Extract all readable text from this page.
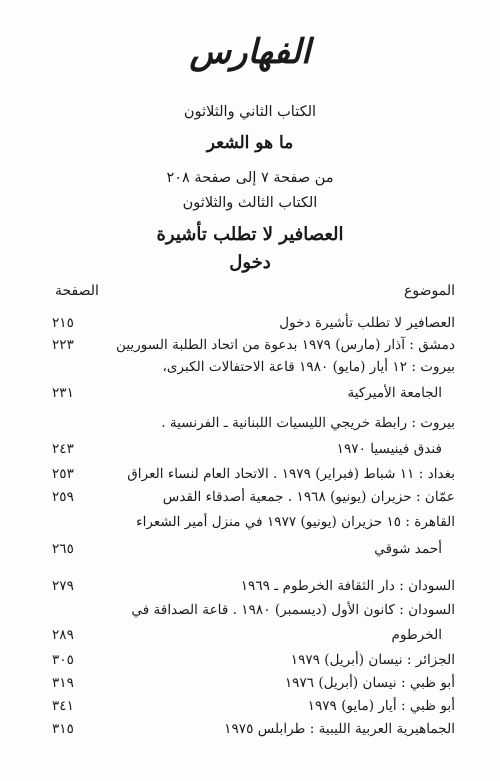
الفهارس
الكتاب الثاني والثلاثون
ما هو الشعر
من صفحة ٧ إلى صفحة ٢٠٨
الكتاب الثالث والثلاثون
العصافير لا تطلب تأشيرة
دخول
الموضوع
الصفحة
العصافير لا تطلب تأشيرة دخول
٢١٥
دمشق : آذار (مارس) ١٩٧٩ بدعوة من اتحاد الطلبة السوريين
٢٢٣
بيروت : ١٢ أيار (مايو) ١٩٨٠ قاعة الاحتفالات الكبرى،
الجامعة الأميركية
٢٣١
بيروت : رابطة خريجي الليسيات اللبنانية ـ الفرنسية .
فندق فينيسيا ١٩٧٠
٢٤٣
بغداد : ١١ شباط (فبراير) ١٩٧٩ . الاتحاد العام لنساء العراق
٢٥٣
عمّان : حزيران (يونيو) ١٩٦٨ . جمعية أصدقاء القدس
٢٥٩
القاهرة : ١٥ حزيران (يونيو) ١٩٧٧ في منزل أمير الشعراء
أحمد شوقي
٢٦٥
السودان : دار الثقافة الخرطوم ـ ١٩٦٩
٢٧٩
السودان : كانون الأول (ديسمبر) ١٩٨٠ . قاعة الصداقة في
الخرطوم
٢٨٩
الجزائر : نيسان (أبريل) ١٩٧٩
٣٠٥
أبو ظبي : نيسان (أبريل) ١٩٧٦
٣١٩
أبو ظبي : أيار (مايو) ١٩٧٩
٣٤١
الجماهيرية العربية الليبية : طرابلس ١٩٧٥
٣١٥
